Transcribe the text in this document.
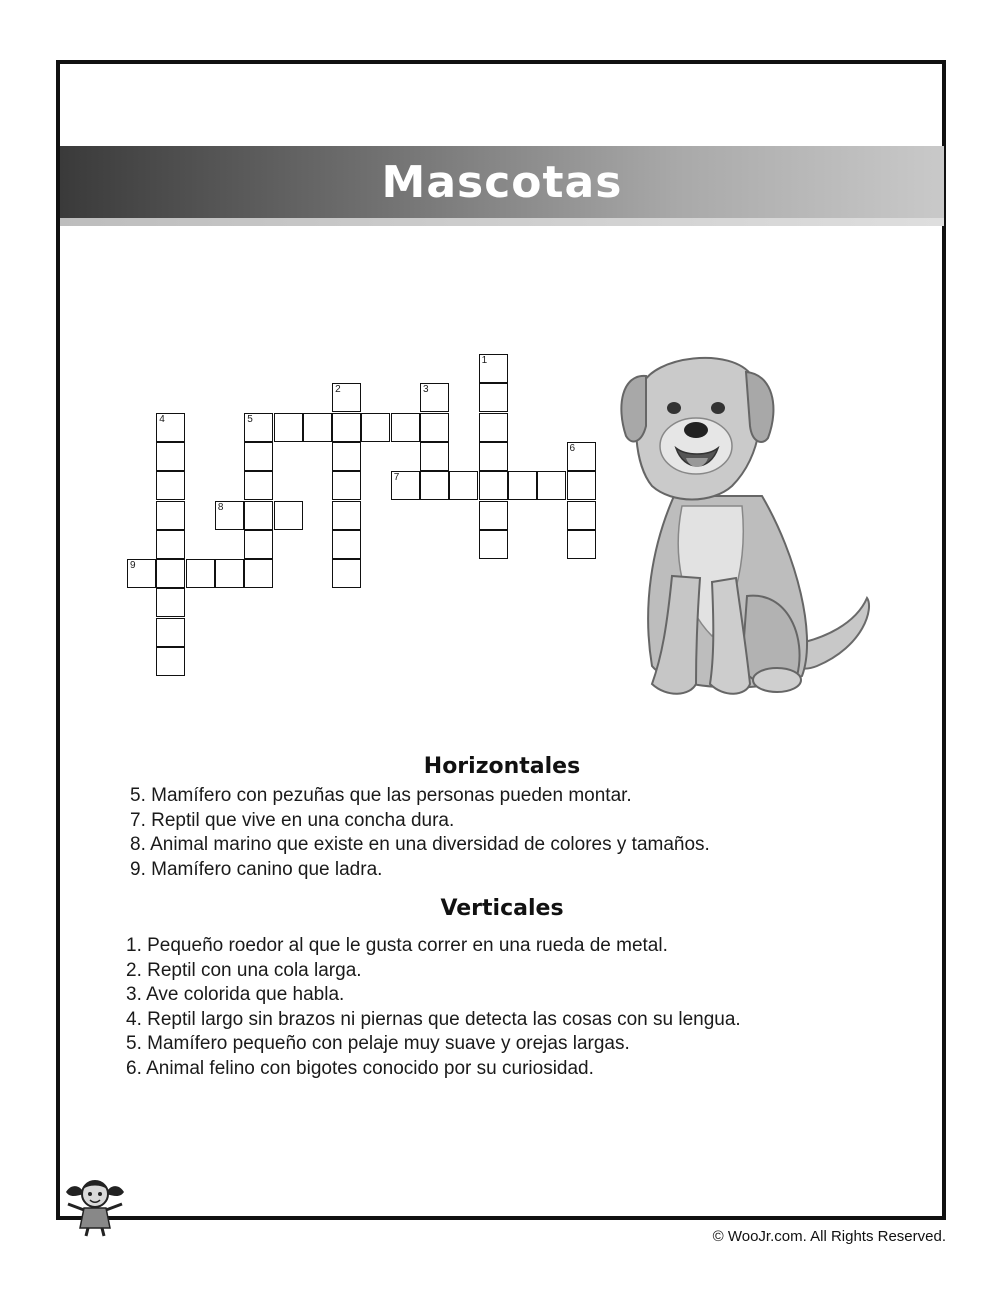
Mascotas
1
2	3
4	5
6
7
8
9
Horizontales
5. Mamífero con pezuñas que las personas pueden montar.
7. Reptil que vive en una concha dura.
8. Animal marino que existe en una diversidad de colores y tamaños.
9. Mamífero canino que ladra.
Verticales
1. Pequeño roedor al que le gusta correr en una rueda de metal.
2. Reptil con una cola larga.
3. Ave colorida que habla.
4. Reptil largo sin brazos ni piernas que detecta las cosas con su lengua.
5. Mamífero pequeño con pelaje muy suave y orejas largas.
6. Animal felino con bigotes conocido por su curiosidad.
© WooJr.com. All Rights Reserved.
